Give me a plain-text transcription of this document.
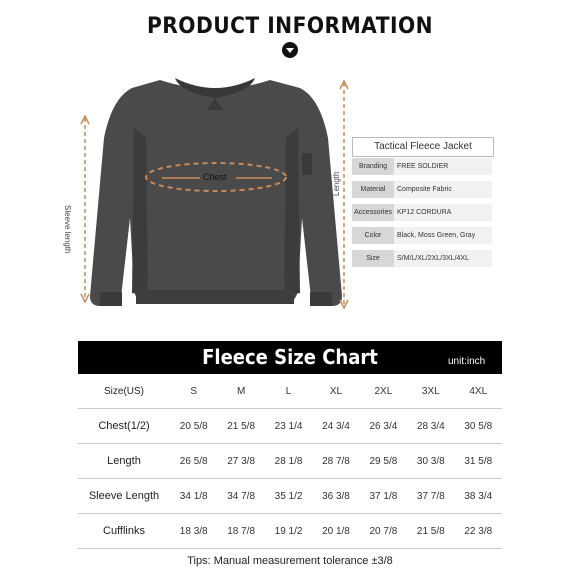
PRODUCT INFORMATION
Chest
Sleeve length
Length
Tactical Fleece Jacket
Branding	FREE SOLDIER
Material	Composite Fabric
Accessories KP12 CORDURA
Color	Black, Moss Green, Gray
Size	S/M/L/XL/2XL/3XL/4XL
Fleece Size Chart	unit:inch
Size(US)	S	M	L	XL	2XL	3XL	4XL
Chest(1/2)	20 5/8	21 5/8	23 1/4	24 3/4	26 3/4	28 3/4	30 5/8
Length	26 5/8	27 3/8	28 1/8	28 7/8	29 5/8	30 3/8	31 5/8
Sleeve Length	34 1/8	34 7/8	35 1/2	36 3/8	37 1/8	37 7/8	38 3/4
Cufflinks	18 3/8	18 7/8	19 1/2	20 1/8	20 7/8	21 5/8	22 3/8
Tips: Manual measurement tolerance ±3/8
